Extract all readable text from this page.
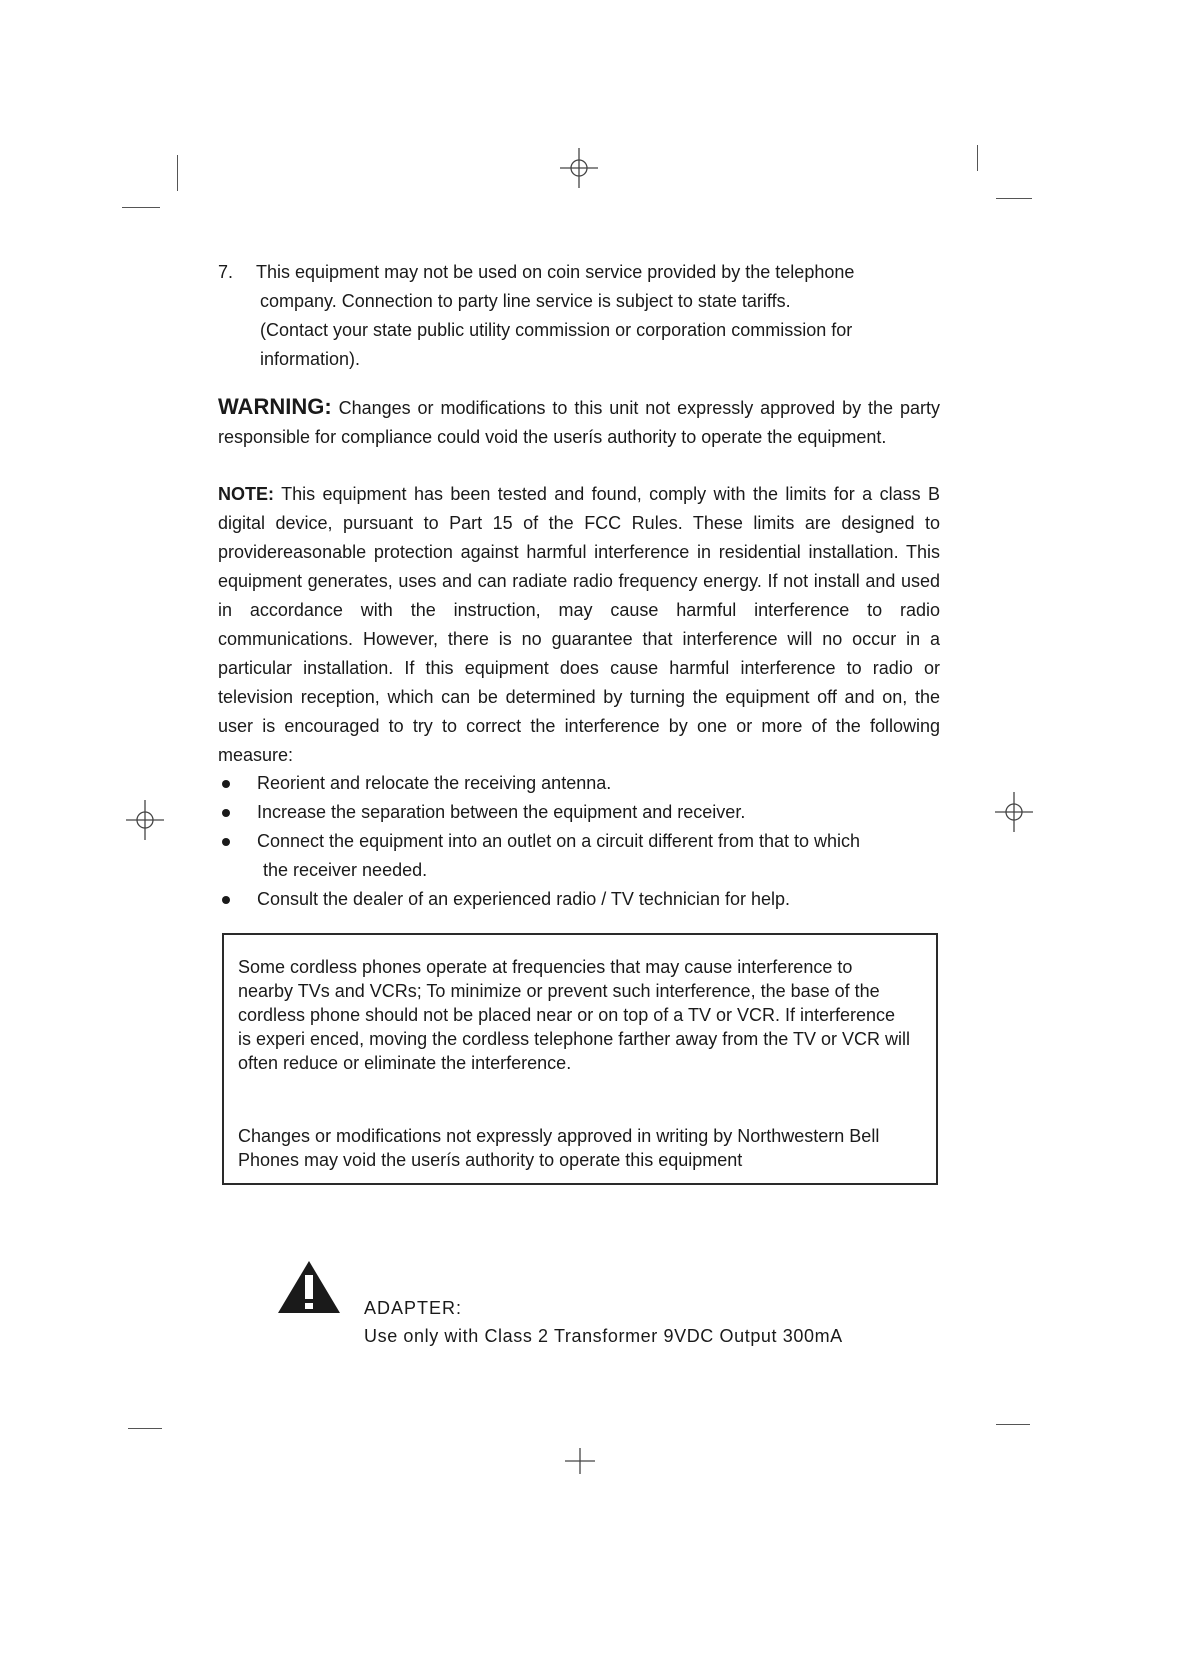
7.	This equipment may not be used on coin service provided by the telephone
company. Connection to party line service is subject to state tariffs.
(Contact your state public utility commission or corporation commission for
information).
WARNING: Changes or modifications to this unit not expressly approved by the party responsible for compliance could void the userís authority to operate the equipment.
NOTE: This equipment has been tested and found, comply with the limits for a class B digital device, pursuant to Part 15 of the FCC Rules. These limits are designed to providereasonable protection against harmful interference in residential installation. This equipment generates, uses and can radiate radio frequency energy. If not install and used in accordance with the instruction, may cause harmful interference to radio communications. However, there is no guarantee that interference will no occur in a particular installation. If this equipment does cause harmful interference to radio or television reception, which can be determined by turning the equipment off and on, the user is encouraged to try to correct the interference by one or more of the following measure:
Reorient and relocate the receiving antenna.
Increase the separation between the equipment and receiver.
Connect the equipment into an outlet on a circuit different from that to which
the receiver needed.
Consult the dealer of an experienced radio / TV technician for help.

Some cordless phones operate at frequencies that may cause interference to nearby TVs and VCRs; To minimize or prevent such interference, the base of the cordless phone should not be placed near or on top of a TV or VCR. If interference is experi enced, moving the cordless telephone farther away from the TV or VCR will often reduce or eliminate the interference.

Changes or modifications not expressly approved in writing by Northwestern Bell Phones may void the userís authority to operate this equipment

ADAPTER:
Use only with Class 2 Transformer 9VDC Output 300mA
